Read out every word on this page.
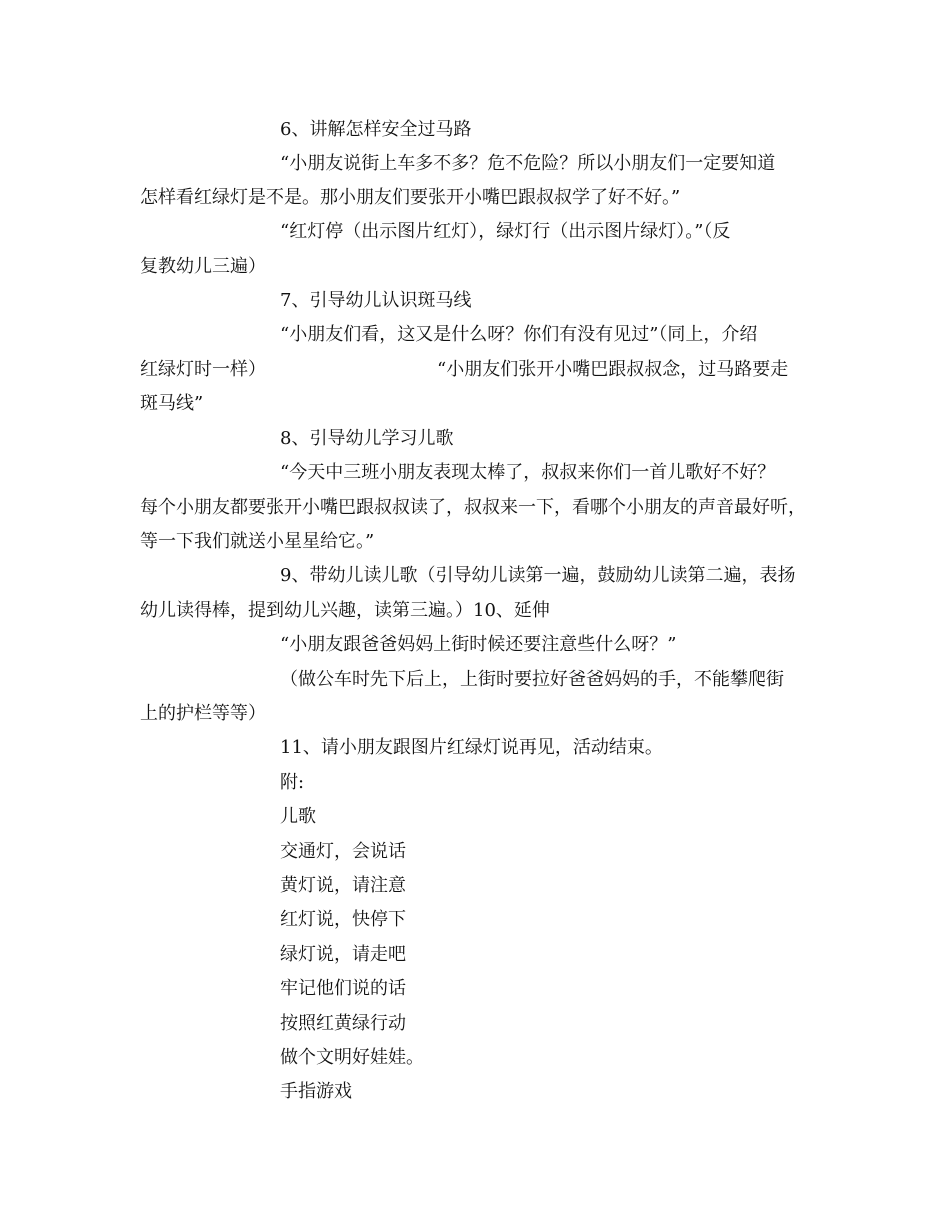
6、讲解怎样安全过马路
“小朋友说街上车多不多？危不危险？所以小朋友们一定要知道
怎样看红绿灯是不是。那小朋友们要张开小嘴巴跟叔叔学了好不好。”
“红灯停（出示图片红灯），绿灯行（出示图片绿灯）。”（反
复教幼儿三遍）
7、引导幼儿认识斑马线
“小朋友们看，这又是什么呀？你们有没有见过”（同上，介绍
红绿灯时一样）	“小朋友们张开小嘴巴跟叔叔念，过马路要走
斑马线”
8、引导幼儿学习儿歌
“今天中三班小朋友表现太棒了，叔叔来你们一首儿歌好不好？
每个小朋友都要张开小嘴巴跟叔叔读了，叔叔来一下，看哪个小朋友的声音最好听，
等一下我们就送小星星给它。”
9、带幼儿读儿歌（引导幼儿读第一遍，鼓励幼儿读第二遍，表扬
幼儿读得棒，提到幼儿兴趣，读第三遍。）10、延伸
“小朋友跟爸爸妈妈上街时候还要注意些什么呀？”
（做公车时先下后上，上街时要拉好爸爸妈妈的手，不能攀爬街
上的护栏等等）
11、请小朋友跟图片红绿灯说再见，活动结束。
附:
儿歌
交通灯，会说话
黄灯说，请注意
红灯说，快停下
绿灯说，请走吧
牢记他们说的话
按照红黄绿行动
做个文明好娃娃。
手指游戏
